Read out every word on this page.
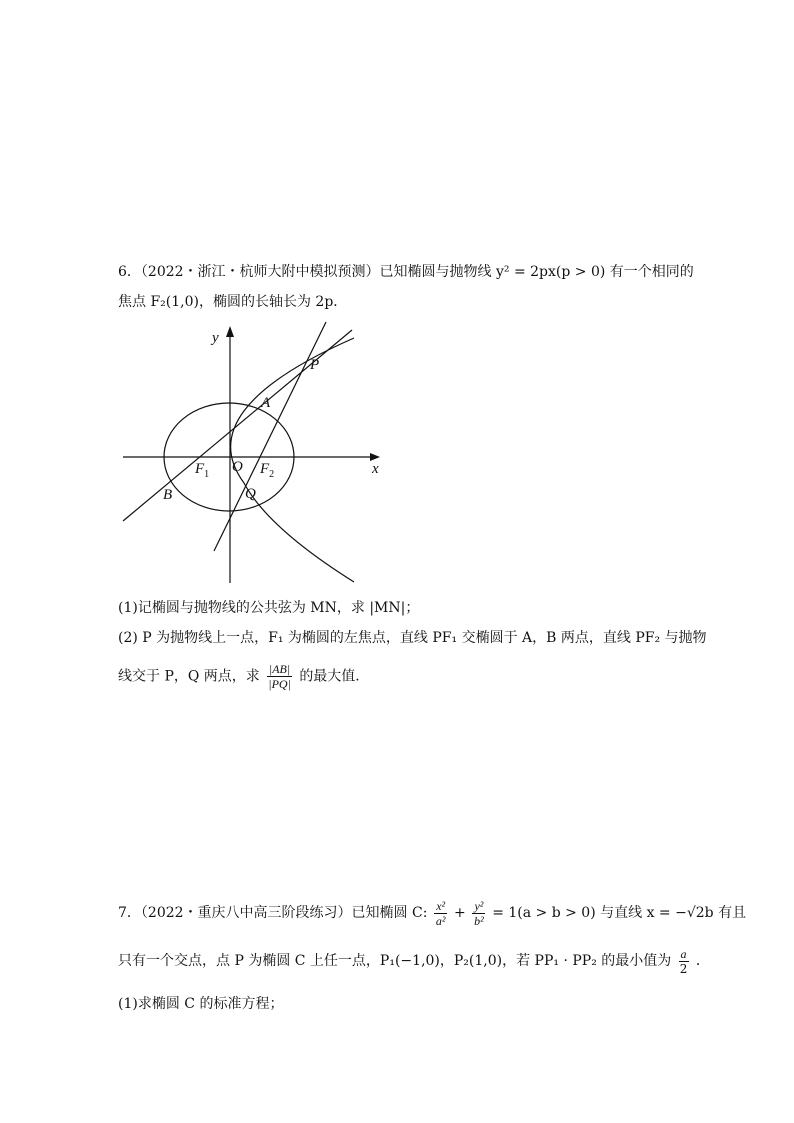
6．（2022・浙江・杭师大附中模拟预测）已知椭圆与抛物线 y² = 2px(p > 0) 有一个相同的
焦点 F₂(1,0)，椭圆的长轴长为 2p．
y
x
O
$F_1$	$F_2$
P
A
B	Q
(1)记椭圆与抛物线的公共弦为 MN，求 |MN|；
(2) P 为抛物线上一点，F₁ 为椭圆的左焦点，直线 PF₁ 交椭圆于 A，B 两点，直线 PF₂ 与抛物
线交于 P，Q 两点，求 $\frac{|AB|}{|PQ|}$ 的最大值．
7．（2022・重庆八中高三阶段练习）已知椭圆 C: $\frac{\text{x²}}{\text{a²}} + \frac{\text{y²}}{\text{b²}} = 1(a > b > 0)$ 与直线 x = −√2b 有且
只有一个交点，点 P 为椭圆 C 上任一点，P₁(−1,0)，P₂(1,0)，若 PP₁ · PP₂ 的最小值为 $\frac{a}{2}$ ．
(1)求椭圆 C 的标准方程；
